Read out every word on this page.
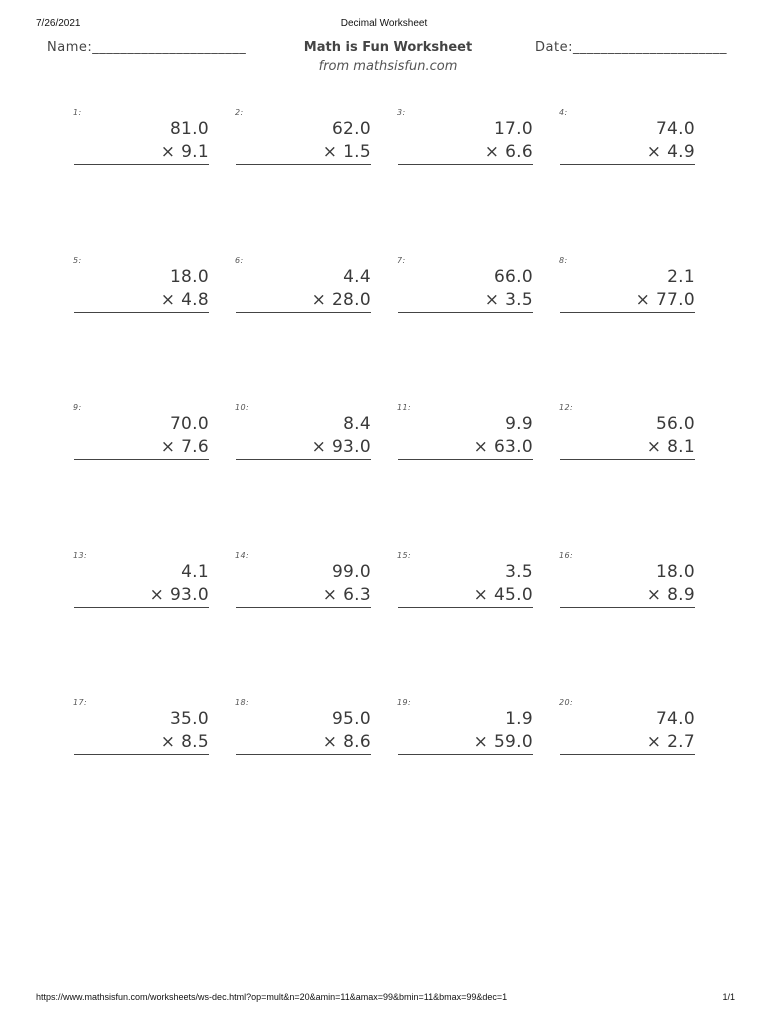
7/26/2021	Decimal Worksheet
Name:______________________	Math is Fun Worksheet
from mathsisfun.com
Date:______________________
1:
81.0
× 9.1
2:
62.0
× 1.5
3:
17.0
× 6.6
4:
74.0
× 4.9
5:
18.0
× 4.8
6:
4.4
× 28.0
7:
66.0
× 3.5
8:
2.1
× 77.0
9:
70.0
× 7.6
10:
8.4
× 93.0
11:
9.9
× 63.0
12:
56.0
× 8.1
13:
4.1
× 93.0
14:
99.0
× 6.3
15:
3.5
× 45.0
16:
18.0
× 8.9
17:
35.0
× 8.5
18:
95.0
× 8.6
19:
1.9
× 59.0
20:
74.0
× 2.7
https://www.mathsisfun.com/worksheets/ws-dec.html?op=mult&n=20&amin=11&amax=99&bmin=11&bmax=99&dec=1	1/1
